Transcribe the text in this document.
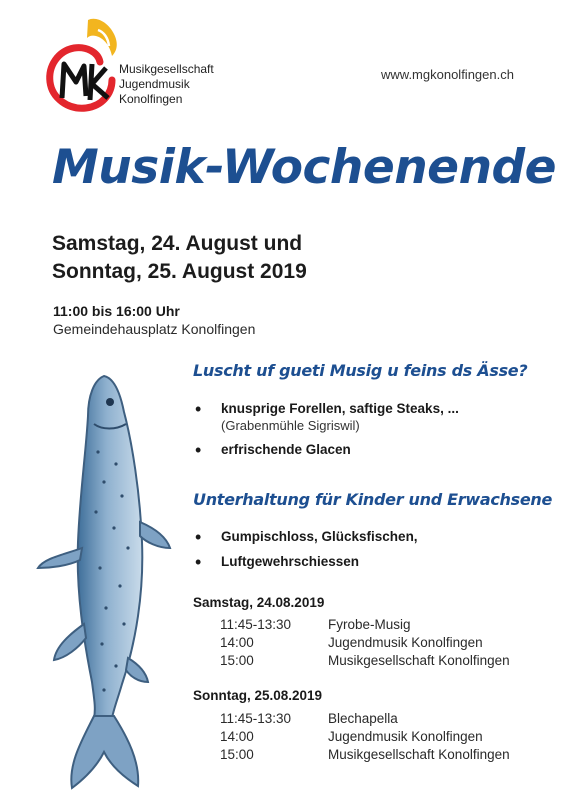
Musikgesellschaft
Jugendmusik
Konolfingen
www.mgkonolfingen.ch
Musik-Wochenende
Samstag, 24. August und
Sonntag, 25. August 2019
11:00 bis 16:00 Uhr
Gemeindehausplatz Konolfingen
Luscht uf gueti Musig u feins ds Ässe?
• knusprige Forellen, saftige Steaks, ...
(Grabenmühle Sigriswil)
• erfrischende Glacen
Unterhaltung für Kinder und Erwachsene
• Gumpischloss, Glücksfischen,
• Luftgewehrschiessen
Samstag, 24.08.2019
11:45-13:30	Fyrobe-Musig
14:00	Jugendmusik Konolfingen
15:00	Musikgesellschaft Konolfingen
Sonntag, 25.08.2019
11:45-13:30	Blechapella
14:00	Jugendmusik Konolfingen
15:00	Musikgesellschaft Konolfingen
